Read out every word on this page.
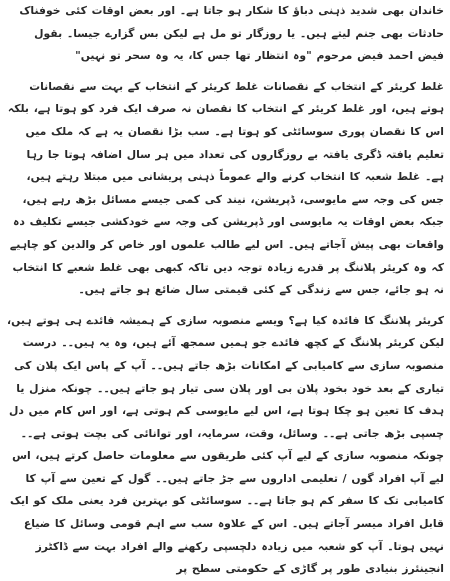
خاندان بھی شدید ذہنی دباؤ کا شکار ہو جاتا ہے۔ اور بعض اوقات کئی خوفناک حادثات بھی جنم لیتے ہیں۔ یا روزگار تو مل ہے لیکن بس گزارے جیسا۔ بقول فیض احمد فیض مرحوم "وہ انتظار تھا جس کا، یہ وہ سحر تو نہیں"

غلط کریئر کے انتخاب کے نقصانات غلط کریئر کے انتخاب کے بہت سے نقصانات ہوتے ہیں، اور غلط کریئر کے انتخاب کا نقصان نہ صرف ایک فرد کو ہوتا ہے، بلکہ اس کا نقصان پوری سوسائٹی کو ہوتا ہے۔ سب بڑا نقصان یہ ہے کہ ملک میں تعلیم یافتہ ڈگری یافتہ بے روزگاروں کی تعداد میں ہر سال اضافہ ہوتا جا رہا ہے۔ غلط شعبہ کا انتخاب کرنے والے عموماً ذہنی پریشانی میں مبتلا رہتے ہیں، جس کی وجہ سے مایوسی، ڈپریشن، نیند کی کمی جیسے مسائل بڑھ رہے ہیں، جبکہ بعض اوقات یہ مایوسی اور ڈپریشن کی وجہ سے خودکشی جیسے تکلیف دہ واقعات بھی پیش آجاتے ہیں۔ اس لیے طالب علموں اور خاص کر والدین کو چاہیے کہ وہ کریئر پلاننگ پر قدرے زیادہ توجہ دیں تاکہ کبھی بھی غلط شعبے کا انتخاب نہ ہو جائے، جس سے زندگی کے کئی قیمتی سال ضائع ہو جاتے ہیں۔

کریئر پلاننگ کا فائدہ کیا ہے؟ ویسے منصوبہ سازی کے ہمیشہ فائدے ہی ہوتے ہیں، لیکن کریئر پلاننگ کے کچھ فائدے جو ہمیں سمجھ آئے ہیں، وہ یہ ہیں۔۔ درست منصوبہ سازی سے کامیابی کے امکانات بڑھ جاتے ہیں۔۔ آپ کے پاس ایک پلان کی تیاری کے بعد خود بخود پلان بی اور پلان سی تیار ہو جاتے ہیں۔۔ چونکہ منزل یا ہدف کا تعین ہو چکا ہوتا ہے، اس لیے مایوسی کم ہوتی ہے، اور اس کام میں دل چسپی بڑھ جاتی ہے۔۔ وسائل، وقت، سرمایہ، اور توانائی کی بچت ہوتی ہے۔۔ چونکہ منصوبہ سازی کے لیے آپ کئی طریقوں سے معلومات حاصل کرتے ہیں، اس لیے آپ افراد گوں / تعلیمی اداروں سے جڑ جاتے ہیں۔۔ گول کے تعین سے آپ کا کامیابی تک کا سفر کم ہو جاتا ہے۔۔ سوسائٹی کو بہترین فرد یعنی ملک کو ایک قابل افراد میسر آجاتے ہیں۔ اس کے علاوہ سب سے اہم قومی وسائل کا ضیاع نہیں ہوتا۔ آپ کو شعبہ میں زیادہ دلچسپی رکھنے والے افراد بہت سے ڈاکٹرز انجینئرز بنیادی طور پر گاڑی کے حکومتی سطح پر
